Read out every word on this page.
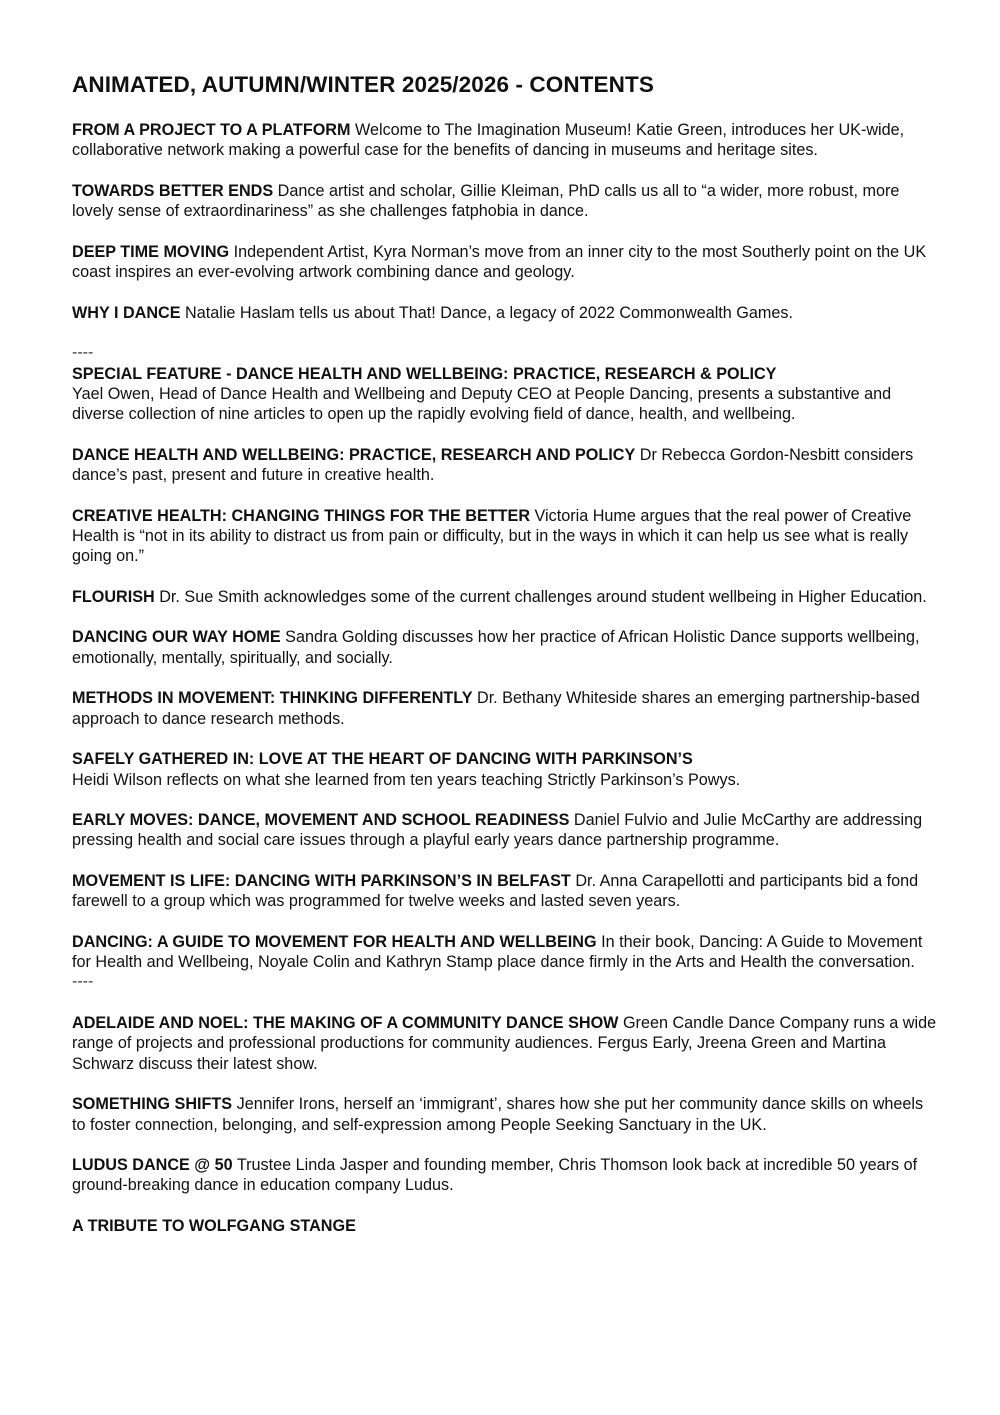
ANIMATED, AUTUMN/WINTER 2025/2026 - CONTENTS

FROM A PROJECT TO A PLATFORM Welcome to The Imagination Museum! Katie Green, introduces her UK-wide, collaborative network making a powerful case for the benefits of dancing in museums and heritage sites.

TOWARDS BETTER ENDS Dance artist and scholar, Gillie Kleiman, PhD calls us all to “a wider, more robust, more lovely sense of extraordinariness” as she challenges fatphobia in dance.

DEEP TIME MOVING Independent Artist, Kyra Norman’s move from an inner city to the most Southerly point on the UK coast inspires an ever-evolving artwork combining dance and geology.

WHY I DANCE Natalie Haslam tells us about That! Dance, a legacy of 2022 Commonwealth Games.

----

SPECIAL FEATURE - DANCE HEALTH AND WELLBEING: PRACTICE, RESEARCH & POLICY
Yael Owen, Head of Dance Health and Wellbeing and Deputy CEO at People Dancing, presents a substantive and diverse collection of nine articles to open up the rapidly evolving field of dance, health, and wellbeing.

DANCE HEALTH AND WELLBEING: PRACTICE, RESEARCH AND POLICY Dr Rebecca Gordon-Nesbitt considers dance’s past, present and future in creative health.

CREATIVE HEALTH: CHANGING THINGS FOR THE BETTER Victoria Hume argues that the real power of Creative Health is “not in its ability to distract us from pain or difficulty, but in the ways in which it can help us see what is really going on.”

FLOURISH Dr. Sue Smith acknowledges some of the current challenges around student wellbeing in Higher Education.

DANCING OUR WAY HOME Sandra Golding discusses how her practice of African Holistic Dance supports wellbeing, emotionally, mentally, spiritually, and socially.

METHODS IN MOVEMENT: THINKING DIFFERENTLY Dr. Bethany Whiteside shares an emerging partnership-based approach to dance research methods.

SAFELY GATHERED IN: LOVE AT THE HEART OF DANCING WITH PARKINSON’S
Heidi Wilson reflects on what she learned from ten years teaching Strictly Parkinson’s Powys.

EARLY MOVES: DANCE, MOVEMENT AND SCHOOL READINESS Daniel Fulvio and Julie McCarthy are addressing pressing health and social care issues through a playful early years dance partnership programme.

MOVEMENT IS LIFE: DANCING WITH PARKINSON’S IN BELFAST Dr. Anna Carapellotti and participants bid a fond farewell to a group which was programmed for twelve weeks and lasted seven years.

DANCING: A GUIDE TO MOVEMENT FOR HEALTH AND WELLBEING In their book, Dancing: A Guide to Movement for Health and Wellbeing, Noyale Colin and Kathryn Stamp place dance firmly in the Arts and Health the conversation.

----

ADELAIDE AND NOEL: THE MAKING OF A COMMUNITY DANCE SHOW Green Candle Dance Company runs a wide range of projects and professional productions for community audiences. Fergus Early, Jreena Green and Martina Schwarz discuss their latest show.

SOMETHING SHIFTS Jennifer Irons, herself an ‘immigrant’, shares how she put her community dance skills on wheels to foster connection, belonging, and self-expression among People Seeking Sanctuary in the UK.

LUDUS DANCE @ 50 Trustee Linda Jasper and founding member, Chris Thomson look back at incredible 50 years of ground-breaking dance in education company Ludus.

A TRIBUTE TO WOLFGANG STANGE
